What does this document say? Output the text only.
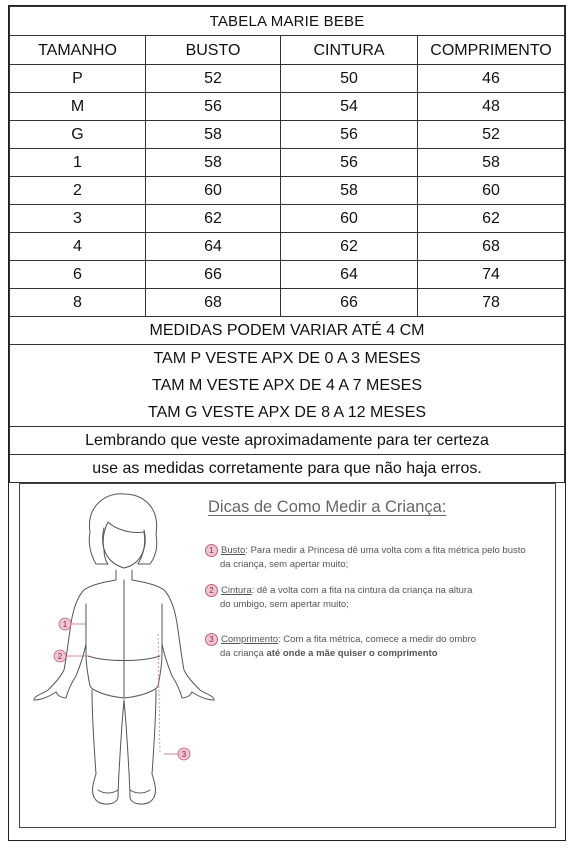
TABELA MARIE BEBE			
TAMANHO	BUSTO	CINTURA	COMPRIMENTO
P	52	50	46
M	56	54	48
G	58	56	52
1	58	56	58
2	60	58	60
3	62	60	62
4	64	62	68
6	66	64	74
8	68	66	78
MEDIDAS PODEM VARIAR ATÉ 4 CM			

TAM P VESTE APX DE 0 A 3 MESES
TAM M VESTE APX DE 4 A 7 MESES
TAM G VESTE APX DE 8 A 12 MESES			

Lembrando que veste aproximadamente para ter certeza			
use as medidas corretamente para que não haja erros.			
1
2
3
Dicas de Como Medir a Criança:
1 Busto: Para medir a Princesa dê uma volta com a fita métrica pelo busto
da criança, sem apertar muito;
2 Cintura: dê a volta com a fita na cintura da criança na altura
do umbigo, sem apertar muito;
3 Comprimento: Com a fita métrica, comece a medir do ombro
da criança até onde a mãe quiser o comprimento
